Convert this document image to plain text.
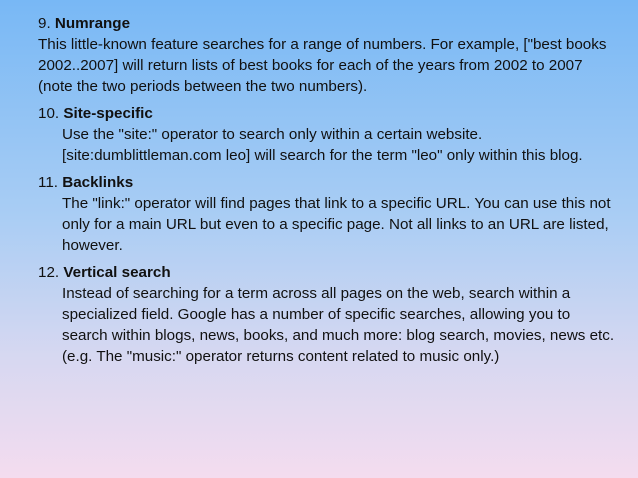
9. Numrange
This little-known feature searches for a range of numbers. For example, ["best books 2002..2007] will return lists of best books for each of the years from 2002 to 2007 (note the two periods between the two numbers).
10. Site-specific
Use the "site:" operator to search only within a certain website. [site:dumblittleman.com leo] will search for the term "leo" only within this blog.
11. Backlinks
The "link:" operator will find pages that link to a specific URL. You can use this not only for a main URL but even to a specific page. Not all links to an URL are listed, however.
12. Vertical search
Instead of searching for a term across all pages on the web, search within a specialized field. Google has a number of specific searches, allowing you to search within blogs, news, books, and much more: blog search, movies, news etc. (e.g. The "music:" operator returns content related to music only.)
